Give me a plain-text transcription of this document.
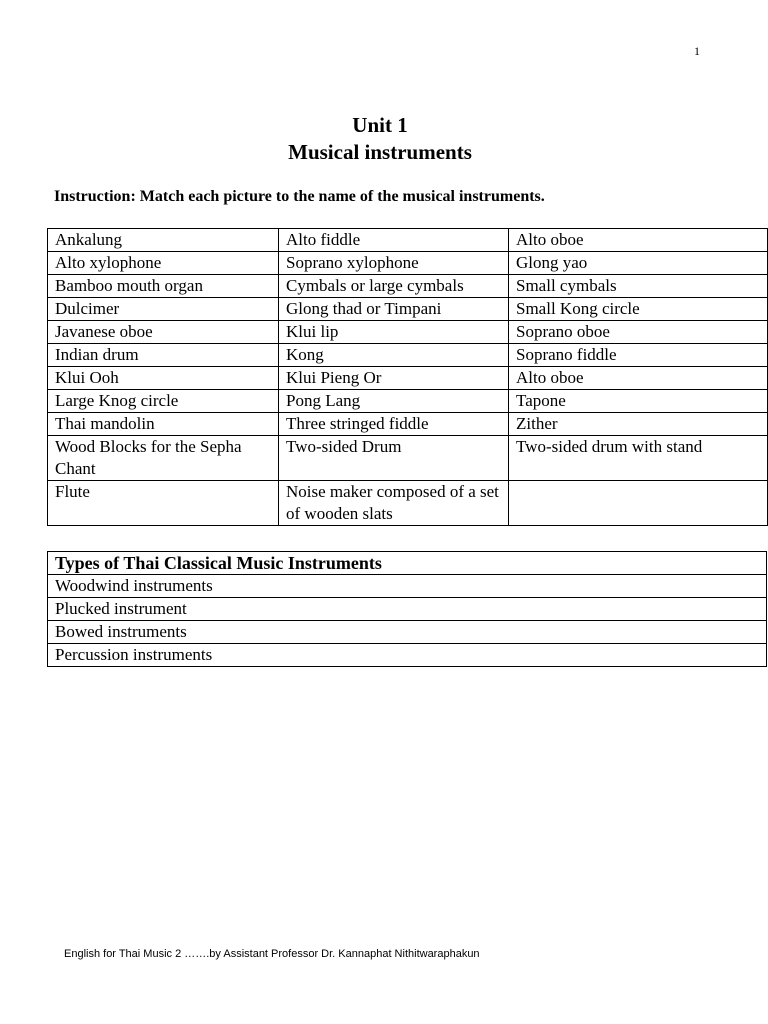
1
Unit 1
Musical instruments
Instruction: Match each picture to the name of the musical instruments.
Ankalung	Alto fiddle	Alto oboe
Alto xylophone	Soprano xylophone	Glong yao
Bamboo mouth organ	Cymbals or large cymbals	Small cymbals
Dulcimer	Glong thad or Timpani	Small Kong circle
Javanese oboe	Klui lip	Soprano oboe
Indian drum	Kong	Soprano fiddle
Klui Ooh	Klui Pieng Or	Alto oboe
Large Knog circle	Pong Lang	Tapone
Thai mandolin	Three stringed fiddle	Zither
Wood Blocks for the Sepha Chant	Two-sided Drum	Two-sided drum with stand
Flute	Noise maker composed of a set of wooden slats	
Types of Thai Classical Music Instruments
Woodwind instruments
Plucked instrument
Bowed instruments
Percussion instruments
English for Thai Music 2 …….by Assistant Professor Dr. Kannaphat Nithitwaraphakun
